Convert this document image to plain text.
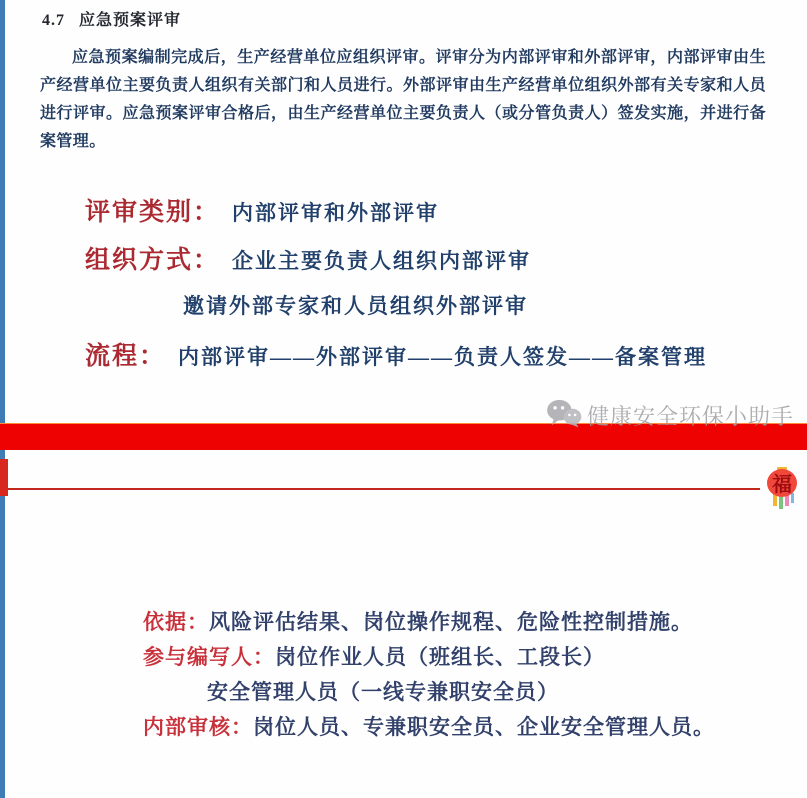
4.7 应急预案评审
应急预案编制完成后，生产经营单位应组织评审。评审分为内部评审和外部评审，内部评审由生产经营单位主要负责人组织有关部门和人员进行。外部评审由生产经营单位组织外部有关专家和人员进行评审。应急预案评审合格后，由生产经营单位主要负责人（或分管负责人）签发实施，并进行备案管理。
评审类别： 内部评审和外部评审
组织方式： 企业主要负责人组织内部评审
邀请外部专家和人员组织外部评审
流程： 内部评审——外部评审——负责人签发——备案管理
健康安全环保小助手
福
依据： 风险评估结果、岗位操作规程、危险性控制措施。
参与编写人： 岗位作业人员（班组长、工段长）
安全管理人员（一线专兼职安全员）
内部审核： 岗位人员、专兼职安全员、企业安全管理人员。
